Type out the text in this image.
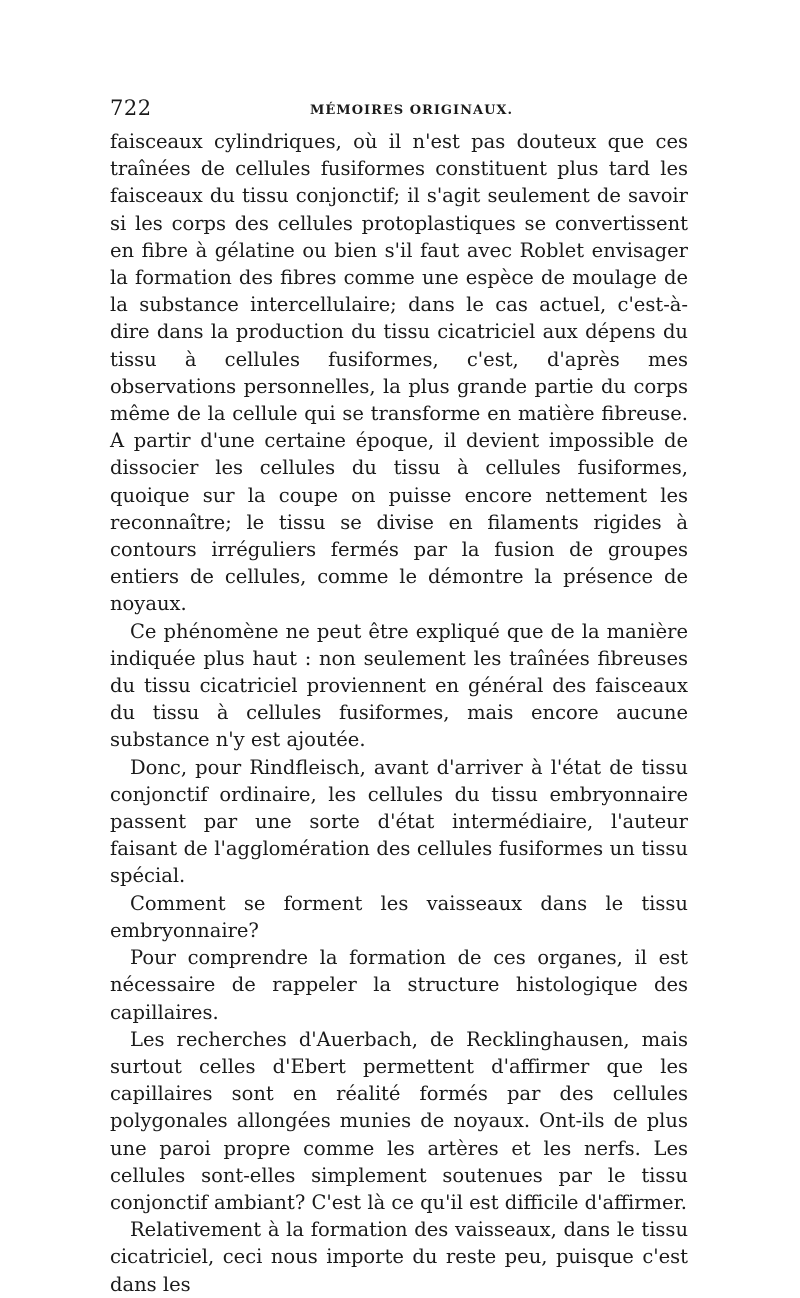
722	MÉMOIRES ORIGINAUX.

faisceaux cylindriques, où il n'est pas douteux que ces traînées de cellules fusiformes constituent plus tard les faisceaux du tissu conjonctif; il s'agit seulement de savoir si les corps des cellules protoplastiques se convertissent en fibre à gélatine ou bien s'il faut avec Roblet envisager la formation des fibres comme une espèce de moulage de la substance intercellulaire; dans le cas actuel, c'est-à-dire dans la production du tissu cicatriciel aux dépens du tissu à cellules fusiformes, c'est, d'après mes observations personnelles, la plus grande partie du corps même de la cellule qui se transforme en matière fibreuse. A partir d'une certaine époque, il devient impossible de dissocier les cellules du tissu à cellules fusiformes, quoique sur la coupe on puisse encore nettement les reconnaître; le tissu se divise en filaments rigides à contours irréguliers fermés par la fusion de groupes entiers de cellules, comme le démontre la présence de noyaux.

Ce phénomène ne peut être expliqué que de la manière indiquée plus haut : non seulement les traînées fibreuses du tissu cicatriciel proviennent en général des faisceaux du tissu à cellules fusiformes, mais encore aucune substance n'y est ajoutée.

Donc, pour Rindfleisch, avant d'arriver à l'état de tissu conjonctif ordinaire, les cellules du tissu embryonnaire passent par une sorte d'état intermédiaire, l'auteur faisant de l'agglomération des cellules fusiformes un tissu spécial.

Comment se forment les vaisseaux dans le tissu embryonnaire?

Pour comprendre la formation de ces organes, il est nécessaire de rappeler la structure histologique des capillaires.

Les recherches d'Auerbach, de Recklinghausen, mais surtout celles d'Ebert permettent d'affirmer que les capillaires sont en réalité formés par des cellules polygonales allongées munies de noyaux. Ont-ils de plus une paroi propre comme les artères et les nerfs. Les cellules sont-elles simplement soutenues par le tissu conjonctif ambiant? C'est là ce qu'il est difficile d'affirmer.

Relativement à la formation des vaisseaux, dans le tissu cicatriciel, ceci nous importe du reste peu, puisque c'est dans les
